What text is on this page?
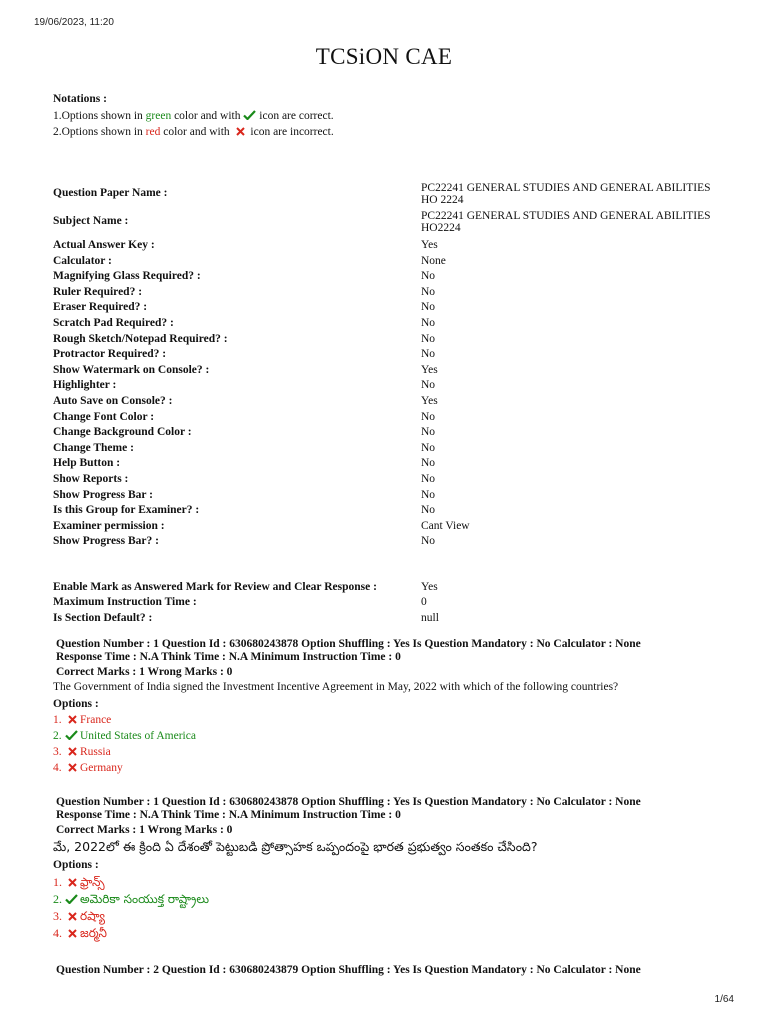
19/06/2023, 11:20
TCSiON CAE
Notations :
1.Options shown in green color and with  icon are correct.
2.Options shown in red color and with  icon are incorrect.
Question Paper Name :	PC22241 GENERAL STUDIES AND GENERAL ABILITIES HO 2224
Subject Name :	PC22241 GENERAL STUDIES AND GENERAL ABILITIES HO2224
Actual Answer Key :	Yes
Calculator :	None
Magnifying Glass Required? :	No
Ruler Required? :	No
Eraser Required? :	No
Scratch Pad Required? :	No
Rough Sketch/Notepad Required? :	No
Protractor Required? :	No
Show Watermark on Console? :	Yes
Highlighter :	No
Auto Save on Console? :	Yes
Change Font Color :	No
Change Background Color :	No
Change Theme :	No
Help Button :	No
Show Reports :	No
Show Progress Bar :	No
Is this Group for Examiner? :	No
Examiner permission :	Cant View
Show Progress Bar? :	No
Enable Mark as Answered Mark for Review and Clear Response :	Yes
Maximum Instruction Time :	0
Is Section Default? :	null
Question Number : 1 Question Id : 630680243878 Option Shuffling : Yes Is Question Mandatory : No Calculator : None
Response Time : N.A Think Time : N.A Minimum Instruction Time : 0
Correct Marks : 1 Wrong Marks : 0
The Government of India signed the Investment Incentive Agreement in May, 2022 with which of the following countries?
Options :
1. France
2. United States of America
3. Russia
4. Germany
Question Number : 1 Question Id : 630680243878 Option Shuffling : Yes Is Question Mandatory : No Calculator : None
Response Time : N.A Think Time : N.A Minimum Instruction Time : 0
Correct Marks : 1 Wrong Marks : 0
మే, 2022లో ఈ క్రింది ఏ దేశంతో పెట్టుబడి ప్రోత్సాహక ఒప్పందంపై భారత ప్రభుత్వం సంతకం చేసింది?
Options :
1. ఫ్రాన్స్
2. అమెరికా సంయుక్త రాష్ట్రాలు
3. రష్యా
4. జర్మనీ
Question Number : 2 Question Id : 630680243879 Option Shuffling : Yes Is Question Mandatory : No Calculator : None
1/64
